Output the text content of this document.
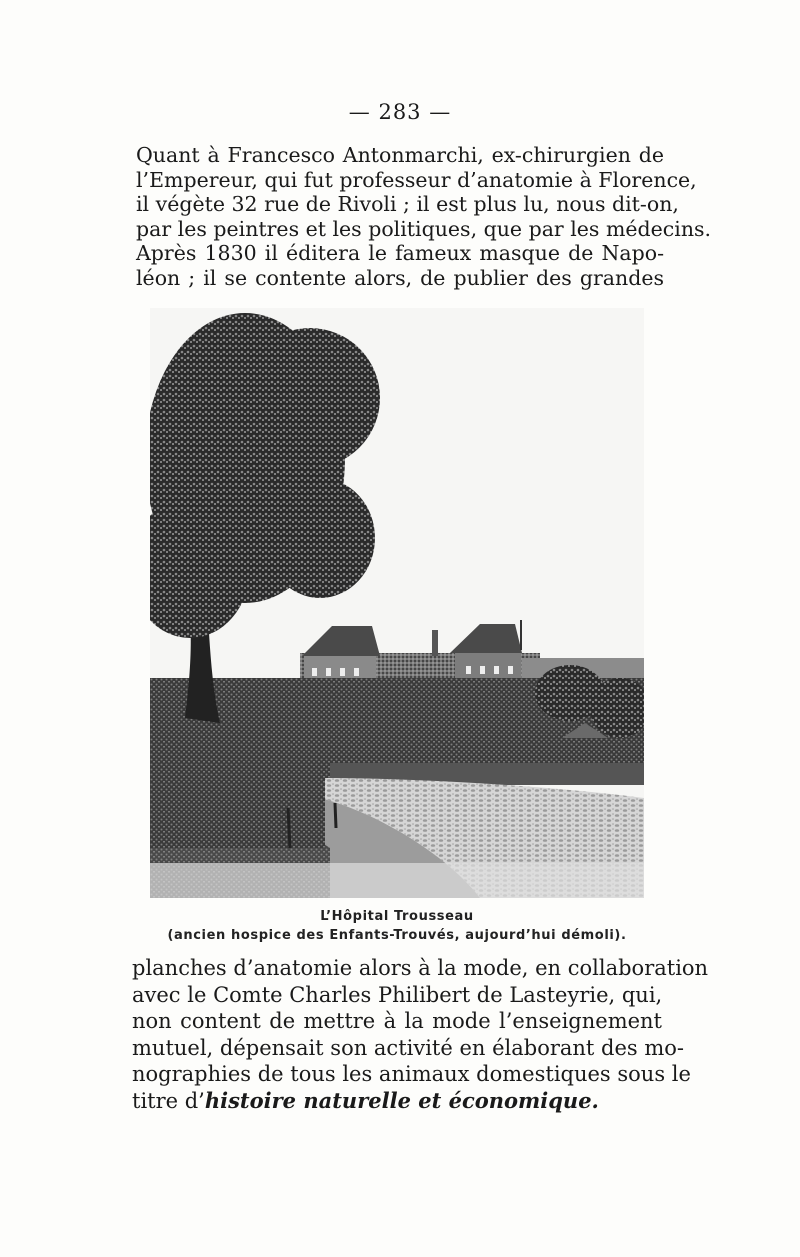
— 283 —

Quant à Francesco Antonmarchi, ex-chirurgien de
l’Empereur, qui fut professeur d’anatomie à Florence,
il végète 32 rue de Rivoli ; il est plus lu, nous dit-on,
par les peintres et les politiques, que par les médecins.
Après 1830 il éditera le fameux masque de Napo-
léon ; il se contente alors, de publier des grandes

L’Hôpital Trousseau
(ancien hospice des Enfants-Trouvés, aujourd’hui démoli).

planches d’anatomie alors à la mode, en collaboration
avec le Comte Charles Philibert de Lasteyrie, qui,
non content de mettre à la mode l’enseignement
mutuel, dépensait son activité en élaborant des mo-
nographies de tous les animaux domestiques sous le
titre d’histoire naturelle et économique.
